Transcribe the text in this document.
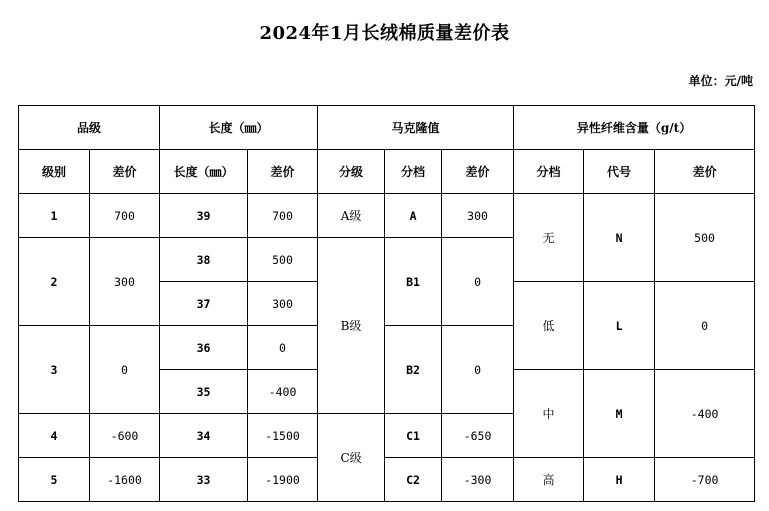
2024年1月长绒棉质量差价表
单位：元/吨
品级		长度（㎜）		马克隆值			异性纤维含量（g/t）		
级别	差价	长度（㎜）	差价	分级	分档	差价	分档	代号	差价
1	700	39	700	A级	A	300	无	N	500
2	300	38	500	B级	B1	0			
		37	300				低	L	0
3	0	36	0		B2	0			
		35	-400				中	M	-400
4	-600	34	-1500	C级	C1	-650			
5	-1600	33	-1900		C2	-300	高	H	-700
